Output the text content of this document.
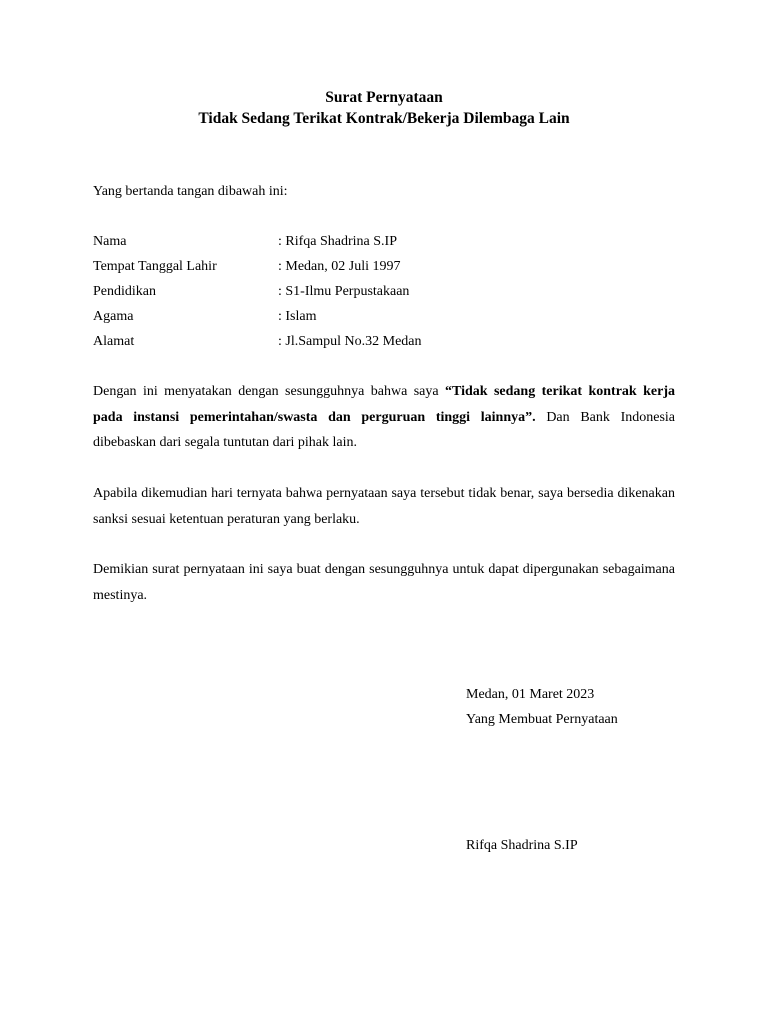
Surat Pernyataan

Tidak Sedang Terikat Kontrak/Bekerja Dilembaga Lain

Yang bertanda tangan dibawah ini:

Nama	: Rifqa Shadrina S.IP
Tempat Tanggal Lahir	: Medan, 02 Juli 1997
Pendidikan	: S1-Ilmu Perpustakaan
Agama	: Islam
Alamat	: Jl.Sampul No.32 Medan

Dengan ini menyatakan dengan sesungguhnya bahwa saya “Tidak sedang terikat kontrak kerja pada instansi pemerintahan/swasta dan perguruan tinggi lainnya”. Dan Bank Indonesia dibebaskan dari segala tuntutan dari pihak lain.

Apabila dikemudian hari ternyata bahwa pernyataan saya tersebut tidak benar, saya bersedia dikenakan sanksi sesuai ketentuan peraturan yang berlaku.

Demikian surat pernyataan ini saya buat dengan sesungguhnya untuk dapat dipergunakan sebagaimana mestinya.

Medan, 01 Maret 2023

Yang Membuat Pernyataan

Rifqa Shadrina S.IP
